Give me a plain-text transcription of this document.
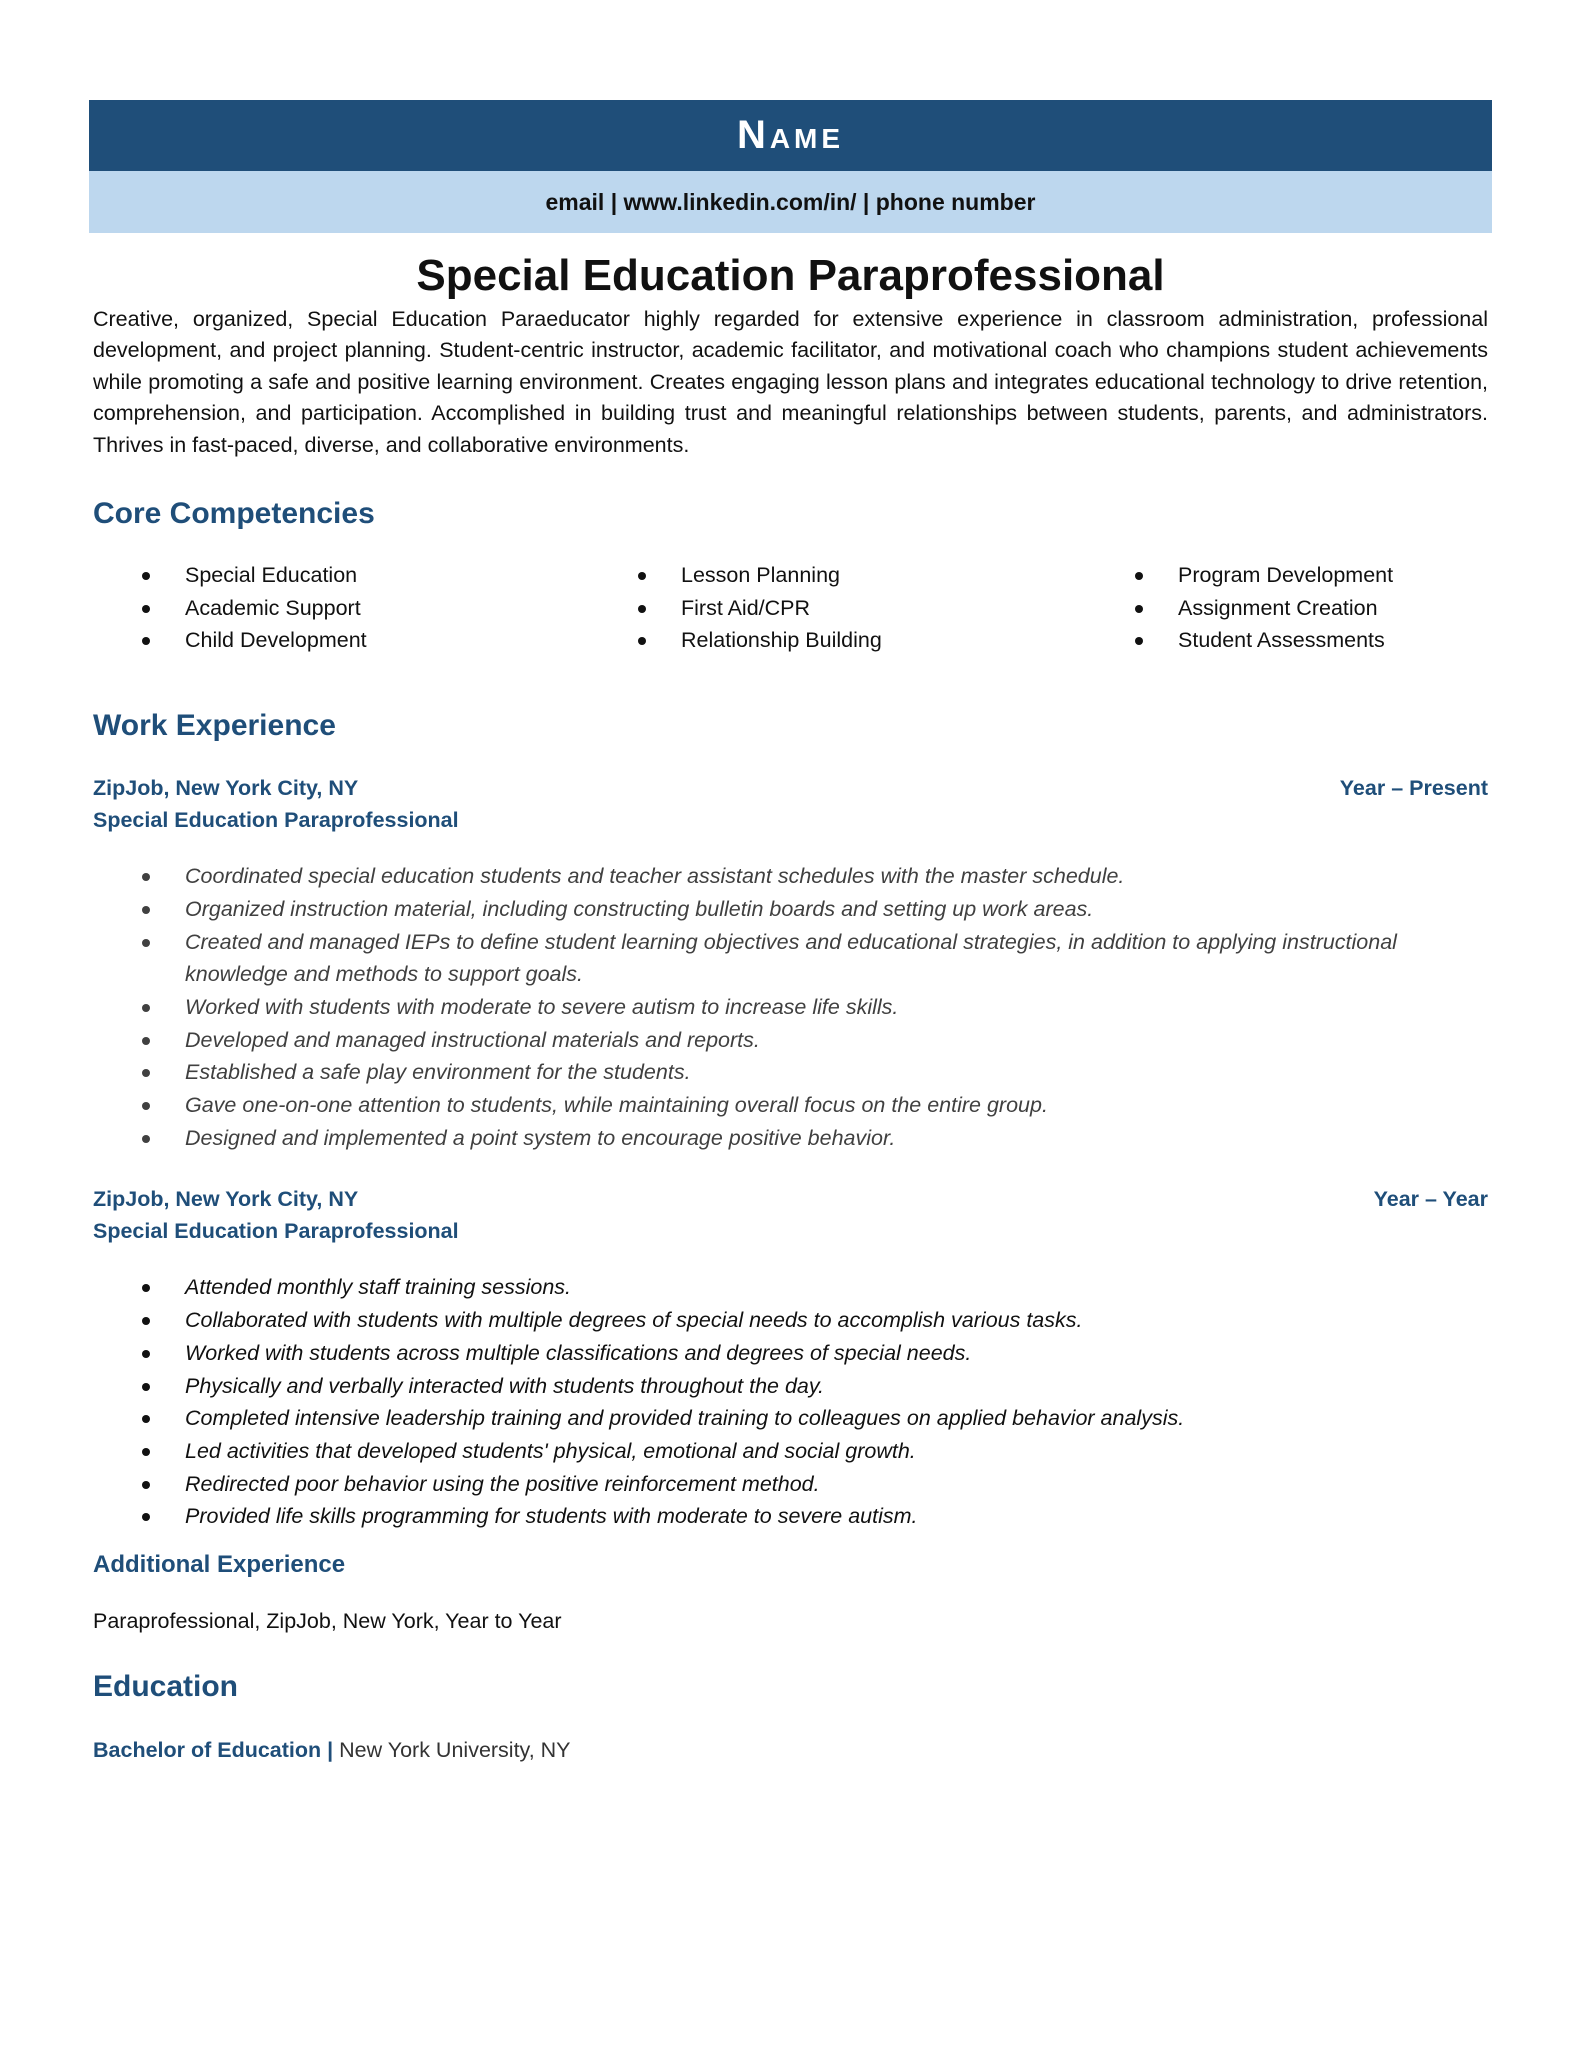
Name
email | www.linkedin.com/in/ | phone number
Special Education Paraprofessional

Creative, organized, Special Education Paraeducator highly regarded for extensive experience in classroom administration, professional development, and project planning. Student-centric instructor, academic facilitator, and motivational coach who champions student achievements while promoting a safe and positive learning environment. Creates engaging lesson plans and integrates educational technology to drive retention, comprehension, and participation. Accomplished in building trust and meaningful relationships between students, parents, and administrators. Thrives in fast-paced, diverse, and collaborative environments.

Core Competencies
Special Education
Academic Support
Child Development
Lesson Planning
First Aid/CPR
Relationship Building
Program Development
Assignment Creation
Student Assessments
Work Experience
ZipJob, New York City, NY	Year – Present
Special Education Paraprofessional
Coordinated special education students and teacher assistant schedules with the master schedule.
Organized instruction material, including constructing bulletin boards and setting up work areas.
Created and managed IEPs to define student learning objectives and educational strategies, in addition to applying instructional knowledge and methods to support goals.
Worked with students with moderate to severe autism to increase life skills.
Developed and managed instructional materials and reports.
Established a safe play environment for the students.
Gave one-on-one attention to students, while maintaining overall focus on the entire group.
Designed and implemented a point system to encourage positive behavior.
ZipJob, New York City, NY	Year – Year
Special Education Paraprofessional
Attended monthly staff training sessions.
Collaborated with students with multiple degrees of special needs to accomplish various tasks.
Worked with students across multiple classifications and degrees of special needs.
Physically and verbally interacted with students throughout the day.
Completed intensive leadership training and provided training to colleagues on applied behavior analysis.
Led activities that developed students' physical, emotional and social growth.
Redirected poor behavior using the positive reinforcement method.
Provided life skills programming for students with moderate to severe autism.
Additional Experience
Paraprofessional, ZipJob, New York, Year to Year
Education
Bachelor of Education | New York University, NY
